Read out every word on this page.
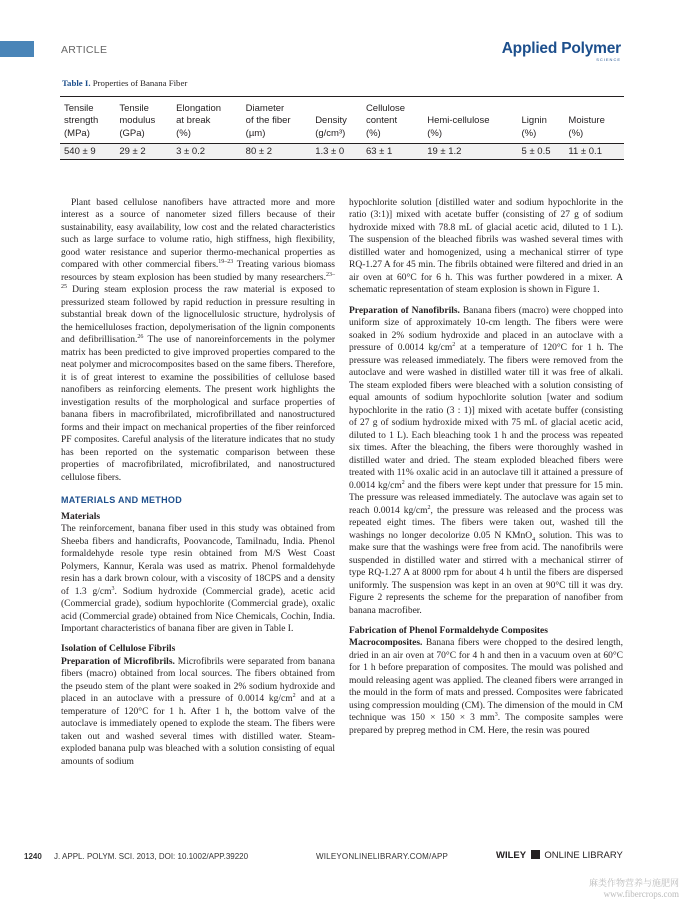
ARTICLE	Applied Polymer
SCIENCE
Table I. Properties of Banana Fiber
Tensile
strength
(MPa)	Tensile
modulus
(GPa)	Elongation
at break
(%)	Diameter
of the fiber
(µm)	Density
(g/cm³)	Cellulose
content
(%)	Hemi-cellulose
(%)	Lignin
(%)	Moisture
(%)
540 ± 9	29 ± 2	3 ± 0.2	80 ± 2	1.3 ± 0	63 ± 1	19 ± 1.2	5 ± 0.5	11 ± 0.1

Plant based cellulose nanofibers have attracted more and more interest as a source of nanometer sized fillers because of their sustainability, easy availability, low cost and the related characteristics such as large surface to volume ratio, high stiffness, high flexibility, good water resistance and superior thermo-mechanical properties as compared with other commercial fibers.$^{19-23}$ Treating various biomass resources by steam explosion has been studied by many researchers.$^{23-25}$ During steam explosion process the raw material is exposed to pressurized steam followed by rapid reduction in pressure resulting in substantial break down of the lignocellulosic structure, hydrolysis of the hemicelluloses fraction, depolymerisation of the lignin components and defibrillisation.$^{26}$ The use of nanoreinforcements in the polymer matrix has been predicted to give improved properties compared to the neat polymer and microcomposites based on the same fibers. Therefore, it is of great interest to examine the possibilities of cellulose based nanofibers as reinforcing elements. The present work highlights the investigation results of the morphological and surface properties of banana fibers in macrofibrilated, microfibrillated and nanostructured forms and their impact on mechanical properties of the fiber reinforced PF composites. Careful analysis of the literature indicates that no study has been reported on the systematic comparison between these properties of macrofibrilated, microfibrilated, and nanostructured cellulose fibers.

MATERIALS AND METHOD
Materials

The reinforcement, banana fiber used in this study was obtained from Sheeba fibers and handicrafts, Poovancode, Tamilnadu, India. Phenol formaldehyde resole type resin obtained from M/S West Coast Polymers, Kannur, Kerala was used as matrix. Phenol formaldehyde resin has a dark brown colour, with a viscosity of 18CPS and a density of 1.3 $g/cm^3$. Sodium hydroxide (Commercial grade), acetic acid (Commercial grade), sodium hypochlorite (Commercial grade), oxalic acid (Commercial grade) obtained from Nice Chemicals, Cochin, India. Important characteristics of banana fiber are given in Table I.

Isolation of Cellulose Fibrils

Preparation of Microfibrils. Microfibrils were separated from banana fibers (macro) obtained from local sources. The fibers obtained from the pseudo stem of the plant were soaked in 2% sodium hydroxide and placed in an autoclave with a pressure of 0.0014 $kg/cm^2$ and at a temperature of 120°C for 1 h. After 1 h, the bottom valve of the autoclave is immediately opened to explode the steam. The fibers were taken out and washed several times with distilled water. Steam-exploded banana pulp was bleached with a solution consisting of equal amounts of sodium

hypochlorite solution [distilled water and sodium hypochlorite in the ratio (3:1)] mixed with acetate buffer (consisting of 27 g of sodium hydroxide mixed with 78.8 mL of glacial acetic acid, diluted to 1 L). The suspension of the bleached fibrils was washed several times with distilled water and homogenized, using a mechanical stirrer of type RQ-1.27 A for 45 min. The fibrils obtained were filtered and dried in an air oven at 60°C for 6 h. This was further powdered in a mixer. A schematic representation of steam explosion is shown in Figure 1.

Preparation of Nanofibrils. Banana fibers (macro) were chopped into uniform size of approximately 10-cm length. The fibers were were soaked in 2% sodium hydroxide and placed in an autoclave with a pressure of 0.0014 $kg/cm^2$ at a temperature of 120°C for 1 h. The pressure was released immediately. The fibers were removed from the autoclave and were washed in distilled water till it was free of alkali. The steam exploded fibers were bleached with a solution consisting of equal amounts of sodium hypochlorite solution [water and sodium hypochlorite in the ratio (3 : 1)] mixed with acetate buffer (consisting of 27 g of sodium hydroxide mixed with 75 mL of glacial acetic acid, diluted to 1 L). Each bleaching took 1 h and the process was repeated six times. After the bleaching, the fibers were thoroughly washed in distilled water and dried. The steam exploded bleached fibers were treated with 11% oxalic acid in an autoclave till it attained a pressure of 0.0014 $kg/cm^2$ and the fibers were kept under that pressure for 15 min. The pressure was released immediately. The autoclave was again set to reach 0.0014 $kg/cm^2$, the pressure was released and the process was repeated eight times. The fibers were taken out, washed till the washings no longer decolorize 0.05 N KMnO$_4$ solution. This was to make sure that the washings were free from acid. The nanofibrils were suspended in distilled water and stirred with a mechanical stirrer of type RQ-1.27 A at 8000 rpm for about 4 h until the fibers are dispersed uniformly. The suspension was kept in an oven at 90°C till it was dry. Figure 2 represents the scheme for the preparation of nanofiber from banana macrofiber.

Fabrication of Phenol Formaldehyde Composites

Macrocomposites. Banana fibers were chopped to the desired length, dried in an air oven at 70°C for 4 h and then in a vacuum oven at 60°C for 1 h before preparation of composites. The mould was polished and mould releasing agent was applied. The cleaned fibers were arranged in the mould in the form of mats and pressed. Composites were fabricated using compression moulding (CM). The dimension of the mould in CM technique was 150 × 150 × 3 $mm^3$. The composite samples were prepared by prepreg method in CM. Here, the resin was poured

1240 J. APPL. POLYM. SCI. 2013, DOI: 10.1002/APP.39220	WILEYONLINELIBRARY.COM/APP	WILEY ONLINE LIBRARY
麻类作物营养与施肥网
www.fibercrops.com
